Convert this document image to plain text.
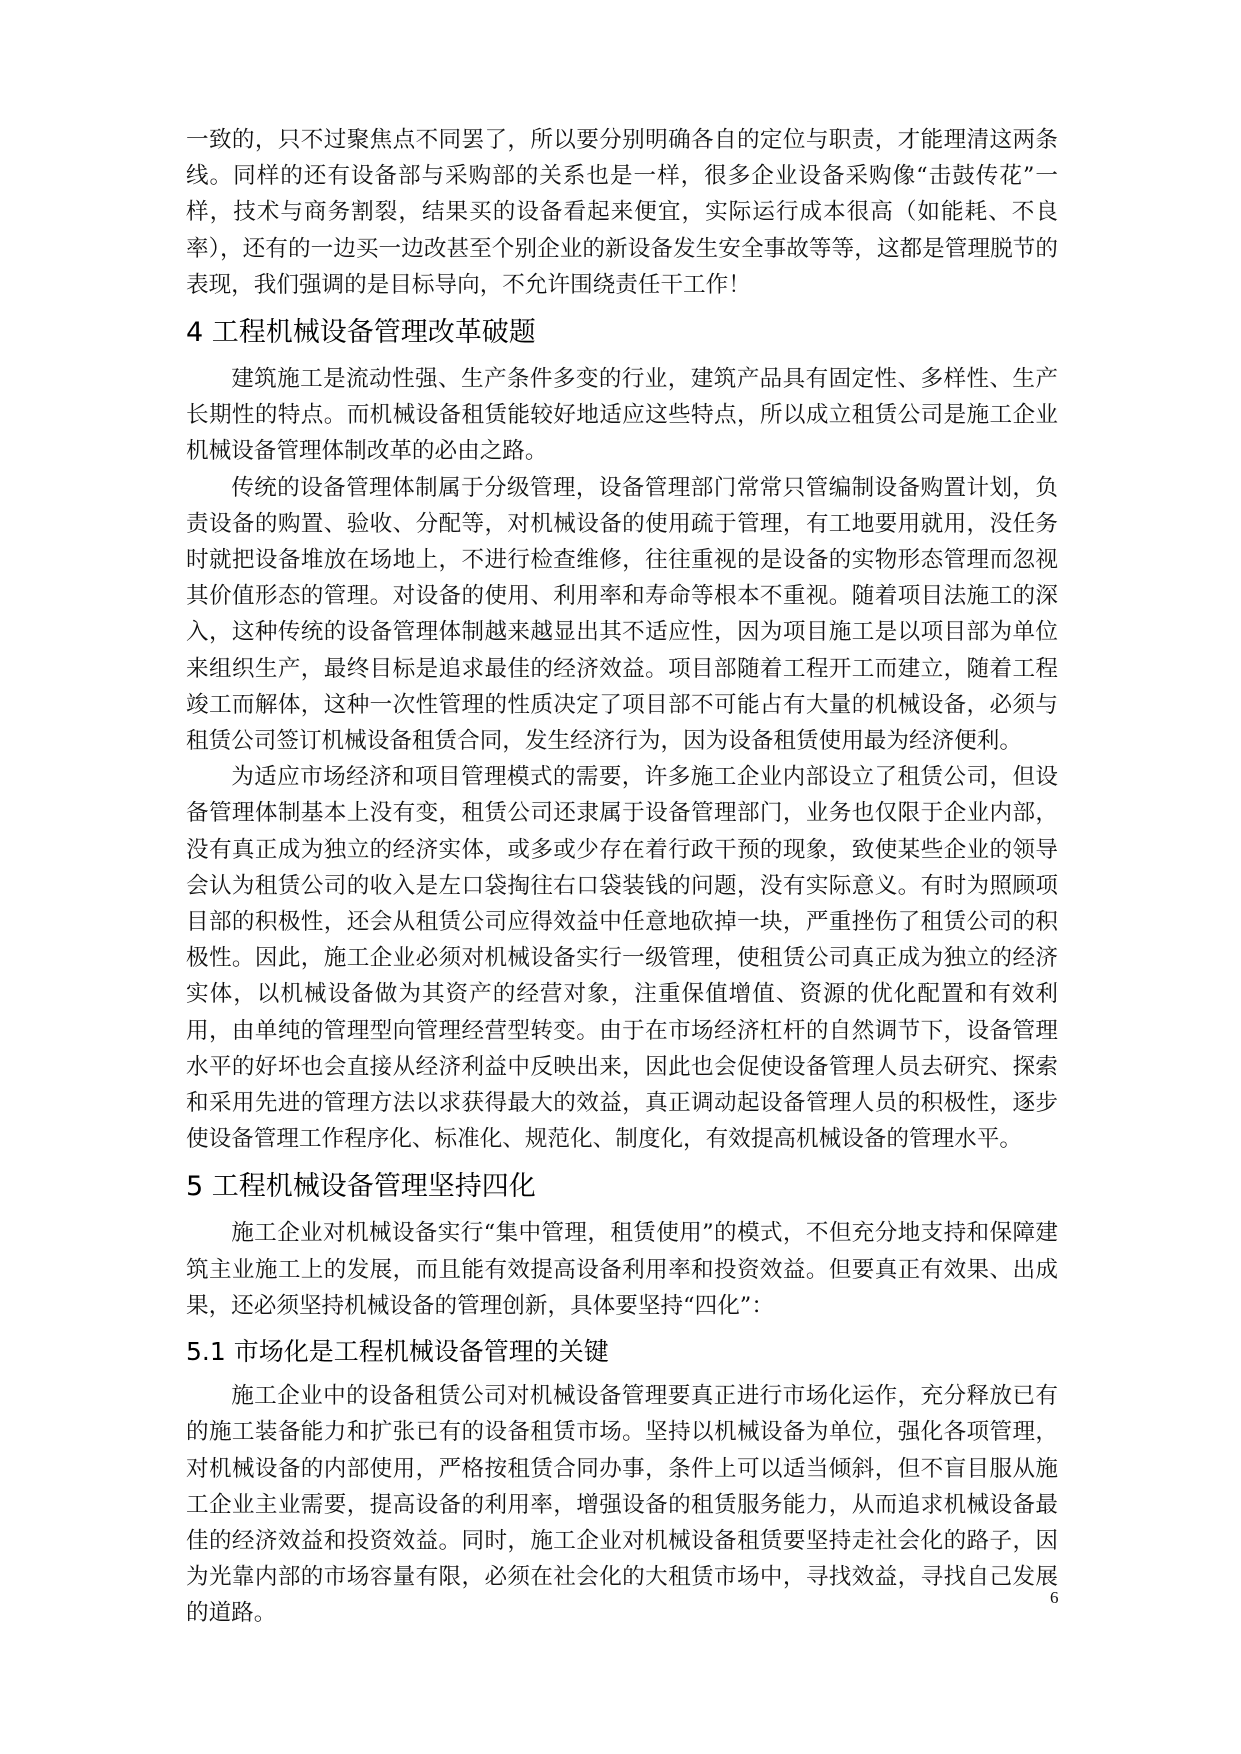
一致的，只不过聚焦点不同罢了，所以要分别明确各自的定位与职责，才能理清这两条线。同样的还有设备部与采购部的关系也是一样，很多企业设备采购像“击鼓传花”一样，技术与商务割裂，结果买的设备看起来便宜，实际运行成本很高（如能耗、不良率），还有的一边买一边改甚至个别企业的新设备发生安全事故等等，这都是管理脱节的表现，我们强调的是目标导向，不允许围绕责任干工作！

4 工程机械设备管理改革破题

建筑施工是流动性强、生产条件多变的行业，建筑产品具有固定性、多样性、生产长期性的特点。而机械设备租赁能较好地适应这些特点，所以成立租赁公司是施工企业机械设备管理体制改革的必由之路。

传统的设备管理体制属于分级管理，设备管理部门常常只管编制设备购置计划，负责设备的购置、验收、分配等，对机械设备的使用疏于管理，有工地要用就用，没任务时就把设备堆放在场地上，不进行检查维修，往往重视的是设备的实物形态管理而忽视其价值形态的管理。对设备的使用、利用率和寿命等根本不重视。随着项目法施工的深入，这种传统的设备管理体制越来越显出其不适应性，因为项目施工是以项目部为单位来组织生产，最终目标是追求最佳的经济效益。项目部随着工程开工而建立，随着工程竣工而解体，这种一次性管理的性质决定了项目部不可能占有大量的机械设备，必须与租赁公司签订机械设备租赁合同，发生经济行为，因为设备租赁使用最为经济便利。

为适应市场经济和项目管理模式的需要，许多施工企业内部设立了租赁公司，但设备管理体制基本上没有变，租赁公司还隶属于设备管理部门，业务也仅限于企业内部，没有真正成为独立的经济实体，或多或少存在着行政干预的现象，致使某些企业的领导会认为租赁公司的收入是左口袋掏往右口袋装钱的问题，没有实际意义。有时为照顾项目部的积极性，还会从租赁公司应得效益中任意地砍掉一块，严重挫伤了租赁公司的积极性。因此，施工企业必须对机械设备实行一级管理，使租赁公司真正成为独立的经济实体，以机械设备做为其资产的经营对象，注重保值增值、资源的优化配置和有效利用，由单纯的管理型向管理经营型转变。由于在市场经济杠杆的自然调节下，设备管理水平的好坏也会直接从经济利益中反映出来，因此也会促使设备管理人员去研究、探索和采用先进的管理方法以求获得最大的效益，真正调动起设备管理人员的积极性，逐步使设备管理工作程序化、标准化、规范化、制度化，有效提高机械设备的管理水平。

5 工程机械设备管理坚持四化

施工企业对机械设备实行“集中管理，租赁使用”的模式，不但充分地支持和保障建筑主业施工上的发展，而且能有效提高设备利用率和投资效益。但要真正有效果、出成果，还必须坚持机械设备的管理创新，具体要坚持“四化”：

5.1 市场化是工程机械设备管理的关键

施工企业中的设备租赁公司对机械设备管理要真正进行市场化运作，充分释放已有的施工装备能力和扩张已有的设备租赁市场。坚持以机械设备为单位，强化各项管理，对机械设备的内部使用，严格按租赁合同办事，条件上可以适当倾斜，但不盲目服从施工企业主业需要，提高设备的利用率，增强设备的租赁服务能力，从而追求机械设备最佳的经济效益和投资效益。同时，施工企业对机械设备租赁要坚持走社会化的路子，因为光靠内部的市场容量有限，必须在社会化的大租赁市场中，寻找效益，寻找自己发展的道路。

6
